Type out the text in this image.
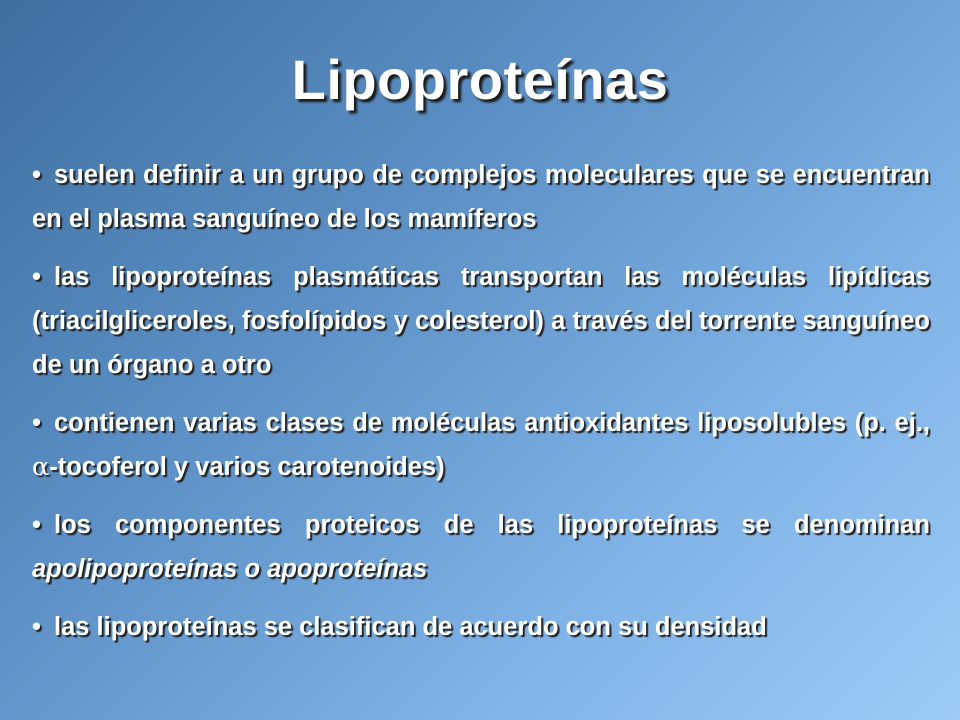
Lipoproteínas
• suelen definir a un grupo de complejos moleculares que se encuentran en el plasma sanguíneo de los mamíferos
• las lipoproteínas plasmáticas transportan las moléculas lipídicas (triacilgliceroles, fosfolípidos y colesterol) a través del torrente sanguíneo de un órgano a otro
• contienen varias clases de moléculas antioxidantes liposolubles (p. ej., α-tocoferol y varios carotenoides)
• los componentes proteicos de las lipoproteínas se denominan apolipoproteínas o apoproteínas
• las lipoproteínas se clasifican de acuerdo con su densidad
